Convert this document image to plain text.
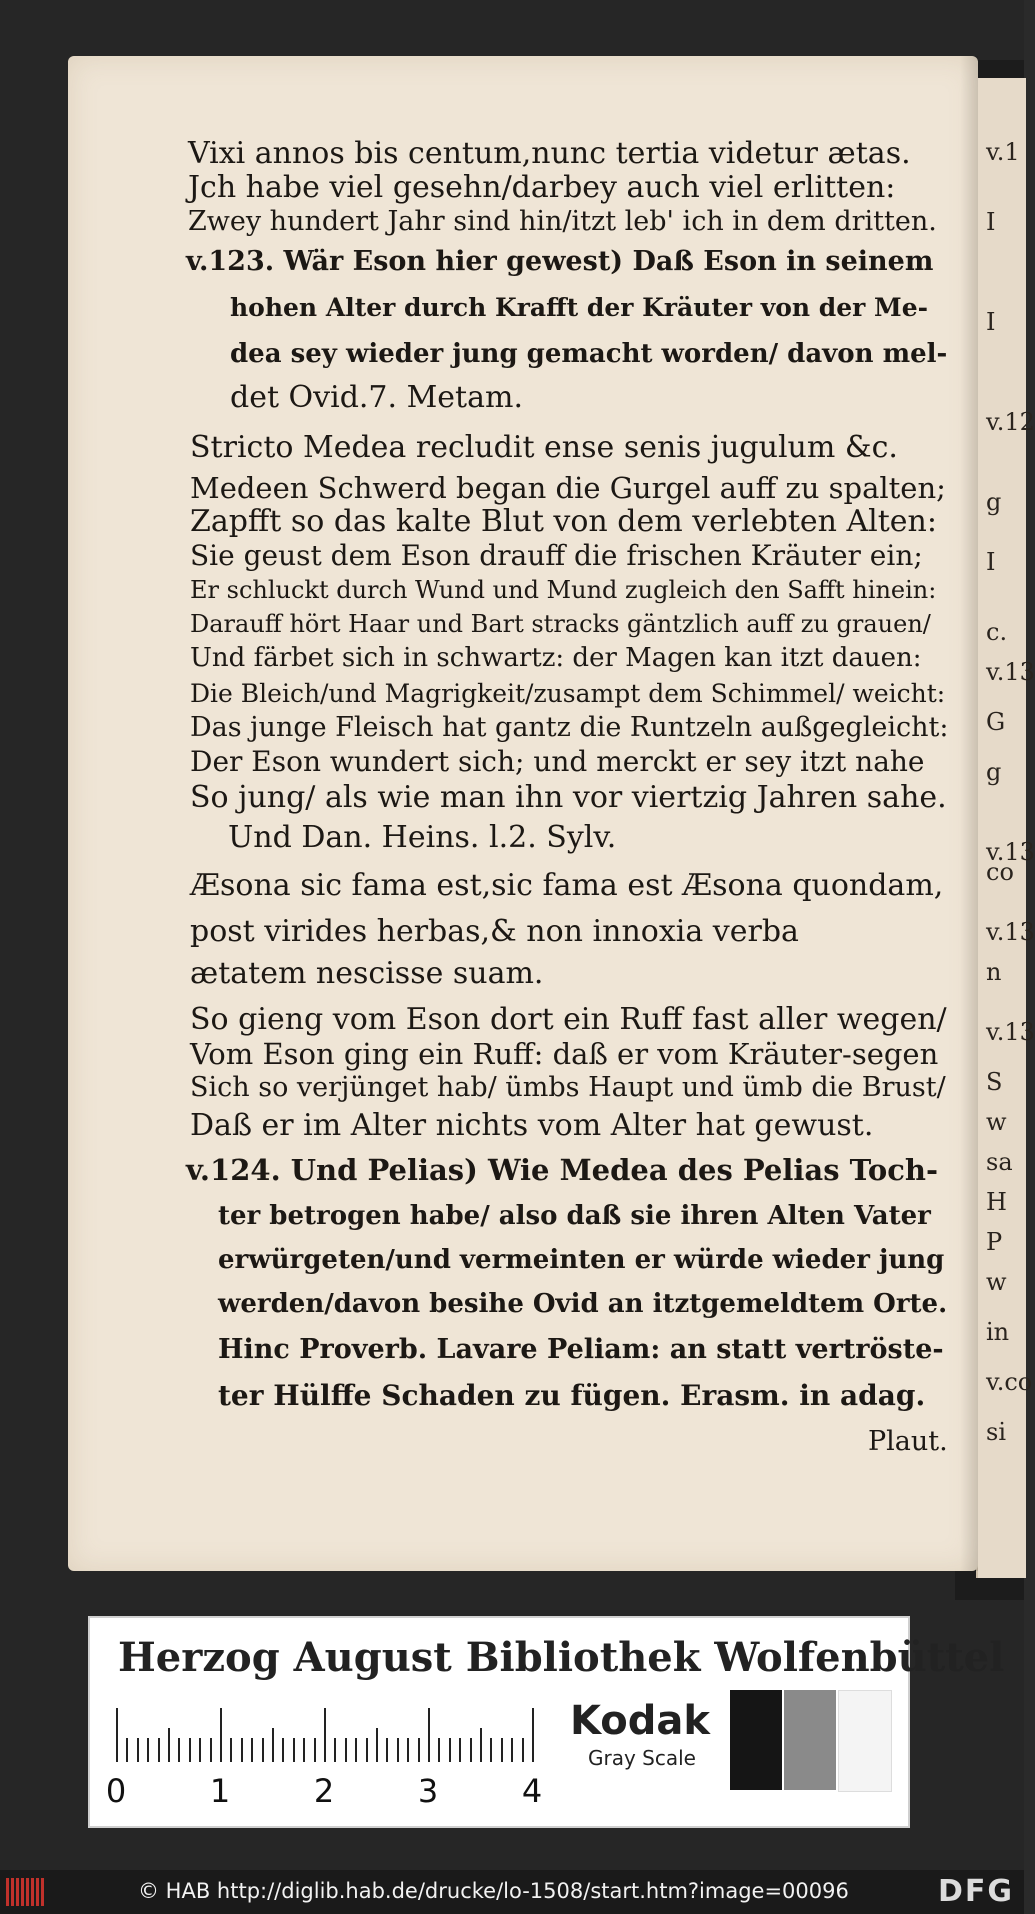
v.1
I
I
v.12
g
I
c.
v.13
G
g
v.13
co
v.13
n
v.13
S
w
sa
H
P
w
in
v.co
si
Vixi annos bis centum,nunc tertia videtur ætas.
Jch habe viel gesehn/darbey auch viel erlitten:
Zwey hundert Jahr sind hin/itzt leb' ich in dem dritten.
v.123. Wär Eson hier gewest) Daß Eson in seinem
hohen Alter durch Krafft der Kräuter von der Me-
dea sey wieder jung gemacht worden/ davon mel-
det Ovid.7. Metam.
Stricto Medea recludit ense senis jugulum &c.
Medeen Schwerd began die Gurgel auff zu spalten;
Zapfft so das kalte Blut von dem verlebten Alten:
Sie geust dem Eson drauff die frischen Kräuter ein;
Er schluckt durch Wund und Mund zugleich den Safft hinein:
Darauff hört Haar und Bart stracks gäntzlich auff zu grauen/
Und färbet sich in schwartz: der Magen kan itzt dauen:
Die Bleich/und Magrigkeit/zusampt dem Schimmel/ weicht:
Das junge Fleisch hat gantz die Runtzeln außgegleicht:
Der Eson wundert sich; und merckt er sey itzt nahe
So jung/ als wie man ihn vor viertzig Jahren sahe.
Und Dan. Heins. l.2. Sylv.
Æsona sic fama est,sic fama est Æsona quondam,
post virides herbas,& non innoxia verba
ætatem nescisse suam.
So gieng vom Eson dort ein Ruff fast aller wegen/
Vom Eson ging ein Ruff: daß er vom Kräuter-segen
Sich so verjünget hab/ ümbs Haupt und ümb die Brust/
Daß er im Alter nichts vom Alter hat gewust.
v.124. Und Pelias) Wie Medea des Pelias Toch-
ter betrogen habe/ also daß sie ihren Alten Vater
erwürgeten/und vermeinten er würde wieder jung
werden/davon besihe Ovid an itztgemeldtem Orte.
Hinc Proverb. Lavare Peliam: an statt vertröste-
ter Hülffe Schaden zu fügen. Erasm. in adag.
Plaut.
Herzog August Bibliothek Wolfenbüttel
0	1	2	3	4
Kodak
Gray Scale
© HAB http://diglib.hab.de/drucke/lo-1508/start.htm?image=00096	DFG
